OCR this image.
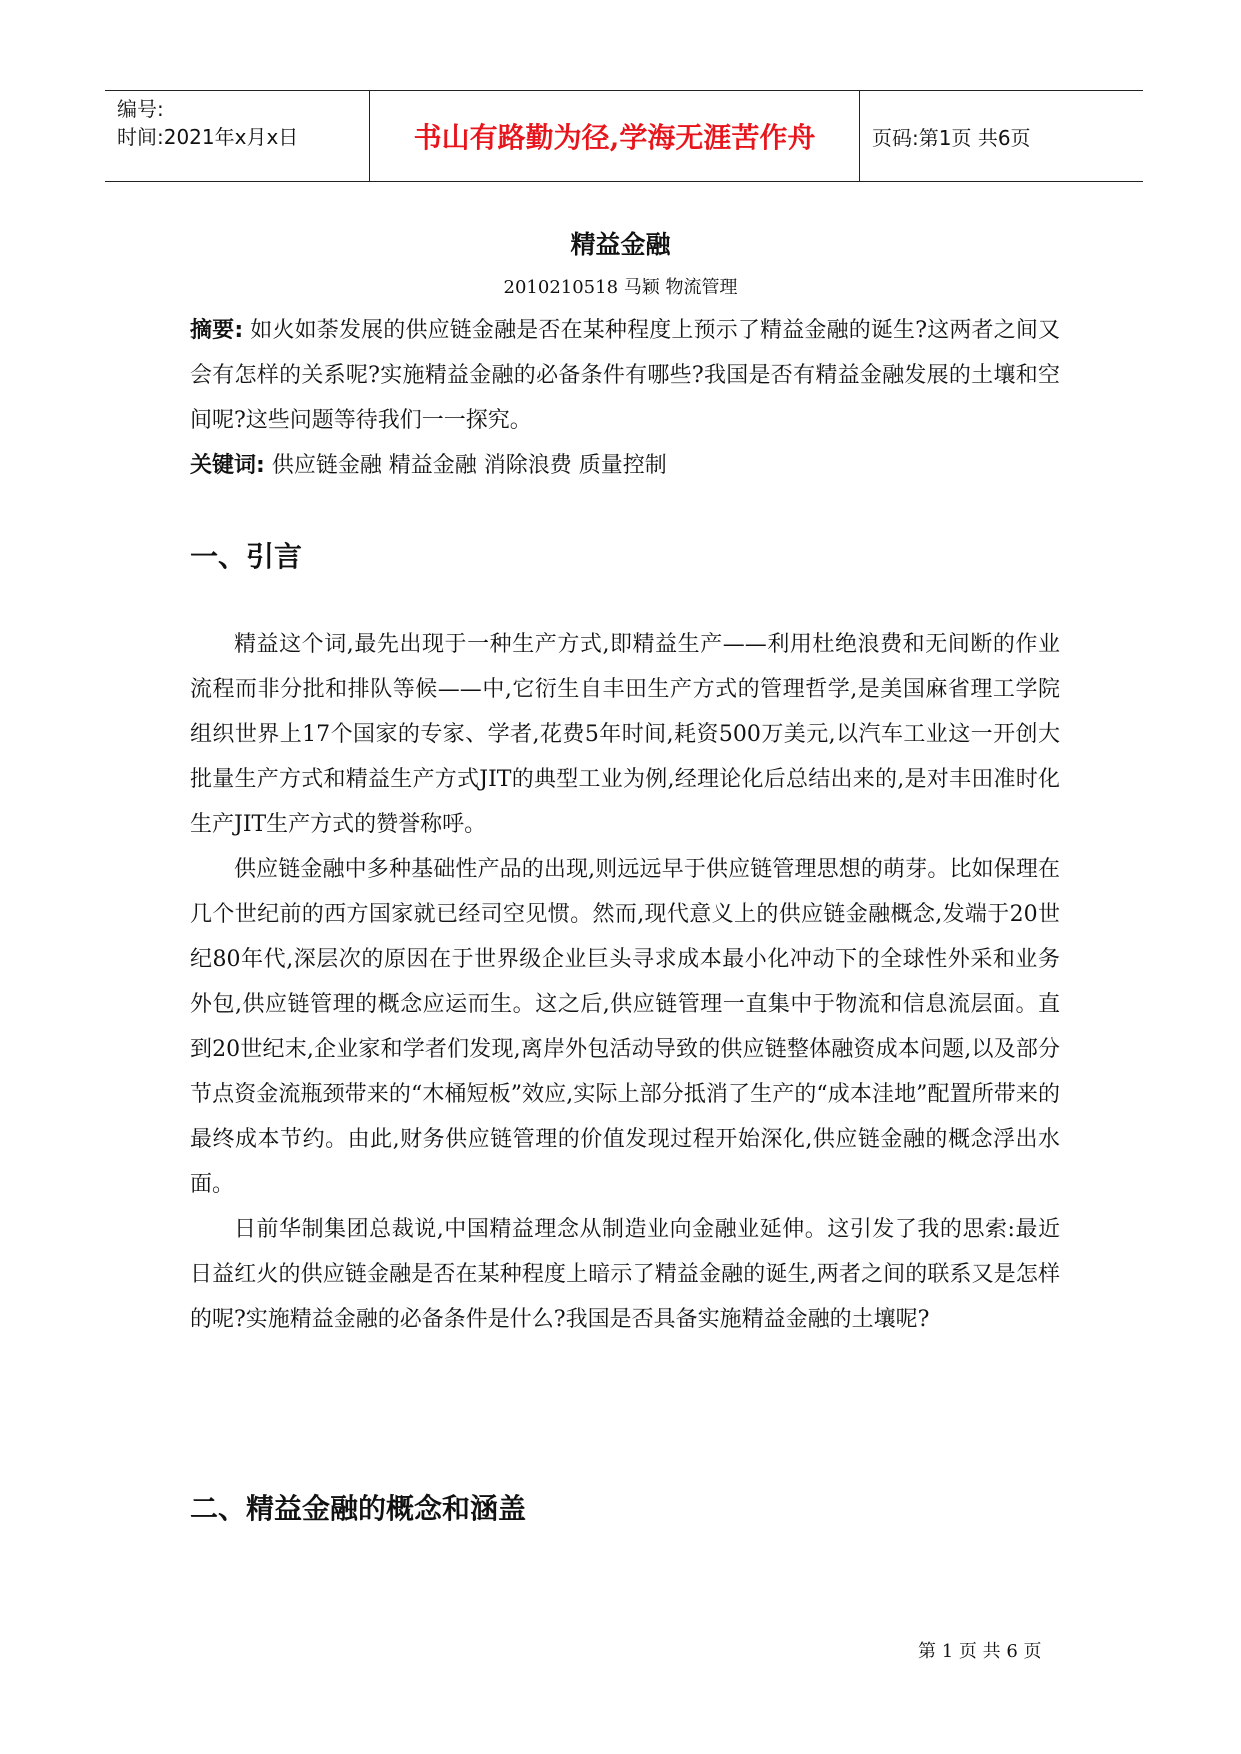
编号:
时间:2021年x月x日	书山有路勤为径,学海无涯苦作舟	页码:第1页 共6页
精益金融
2010210518 马颖 物流管理

摘要: 如火如荼发展的供应链金融是否在某种程度上预示了精益金融的诞生?这两者之间又会有怎样的关系呢?实施精益金融的必备条件有哪些?我国是否有精益金融发展的土壤和空间呢?这些问题等待我们一一探究。

关键词: 供应链金融 精益金融 消除浪费 质量控制

一、引言

精益这个词,最先出现于一种生产方式,即精益生产——利用杜绝浪费和无间断的作业流程而非分批和排队等候——中,它衍生自丰田生产方式的管理哲学,是美国麻省理工学院组织世界上17个国家的专家、学者,花费5年时间,耗资500万美元,以汽车工业这一开创大批量生产方式和精益生产方式JIT的典型工业为例,经理论化后总结出来的,是对丰田准时化生产JIT生产方式的赞誉称呼。

供应链金融中多种基础性产品的出现,则远远早于供应链管理思想的萌芽。比如保理在几个世纪前的西方国家就已经司空见惯。然而,现代意义上的供应链金融概念,发端于20世纪80年代,深层次的原因在于世界级企业巨头寻求成本最小化冲动下的全球性外采和业务外包,供应链管理的概念应运而生。这之后,供应链管理一直集中于物流和信息流层面。直到20世纪末,企业家和学者们发现,离岸外包活动导致的供应链整体融资成本问题,以及部分节点资金流瓶颈带来的“木桶短板”效应,实际上部分抵消了生产的“成本洼地”配置所带来的最终成本节约。由此,财务供应链管理的价值发现过程开始深化,供应链金融的概念浮出水面。

日前华制集团总裁说,中国精益理念从制造业向金融业延伸。这引发了我的思索:最近日益红火的供应链金融是否在某种程度上暗示了精益金融的诞生,两者之间的联系又是怎样的呢?实施精益金融的必备条件是什么?我国是否具备实施精益金融的土壤呢?

二、精益金融的概念和涵盖
第 1 页 共 6 页
